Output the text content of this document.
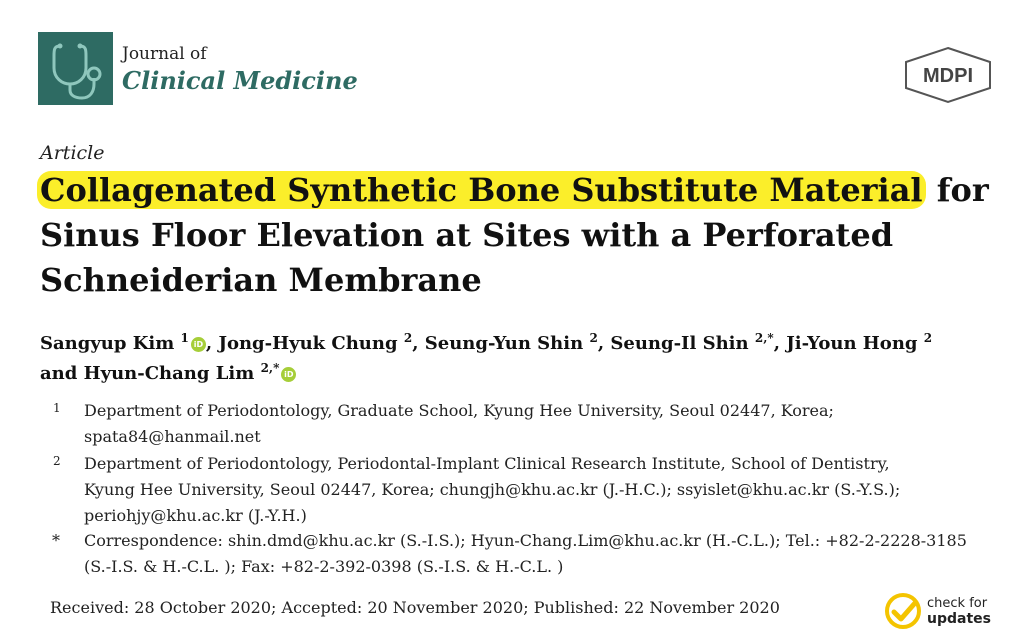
Journal of
Clinical Medicine	MDPI
Article
Collagenated Synthetic Bone Substitute Material for
Sinus Floor Elevation at Sites with a Perforated
Schneiderian Membrane
Sangyup Kim $^1$ iD , Jong-Hyuk Chung $^2$, Seung-Yun Shin $^2$, Seung-Il Shin $^{2,*}$, Ji-Youn Hong $^2$
and Hyun-Chang Lim $^{2,*}$ iD
1 Department of Periodontology, Graduate School, Kyung Hee University, Seoul 02447, Korea;
spata84@hanmail.net
2 Department of Periodontology, Periodontal-Implant Clinical Research Institute, School of Dentistry,
Kyung Hee University, Seoul 02447, Korea; chungjh@khu.ac.kr (J.-H.C.); ssyislet@khu.ac.kr (S.-Y.S.);
periohjy@khu.ac.kr (J.-Y.H.)
* Correspondence: shin.dmd@khu.ac.kr (S.-I.S.); Hyun-Chang.Lim@khu.ac.kr (H.-C.L.); Tel.: +82-2-2228-3185
(S.-I.S. & H.-C.L. ); Fax: +82-2-392-0398 (S.-I.S. & H.-C.L. )
Received: 28 October 2020; Accepted: 20 November 2020; Published: 22 November 2020	check for
updates
